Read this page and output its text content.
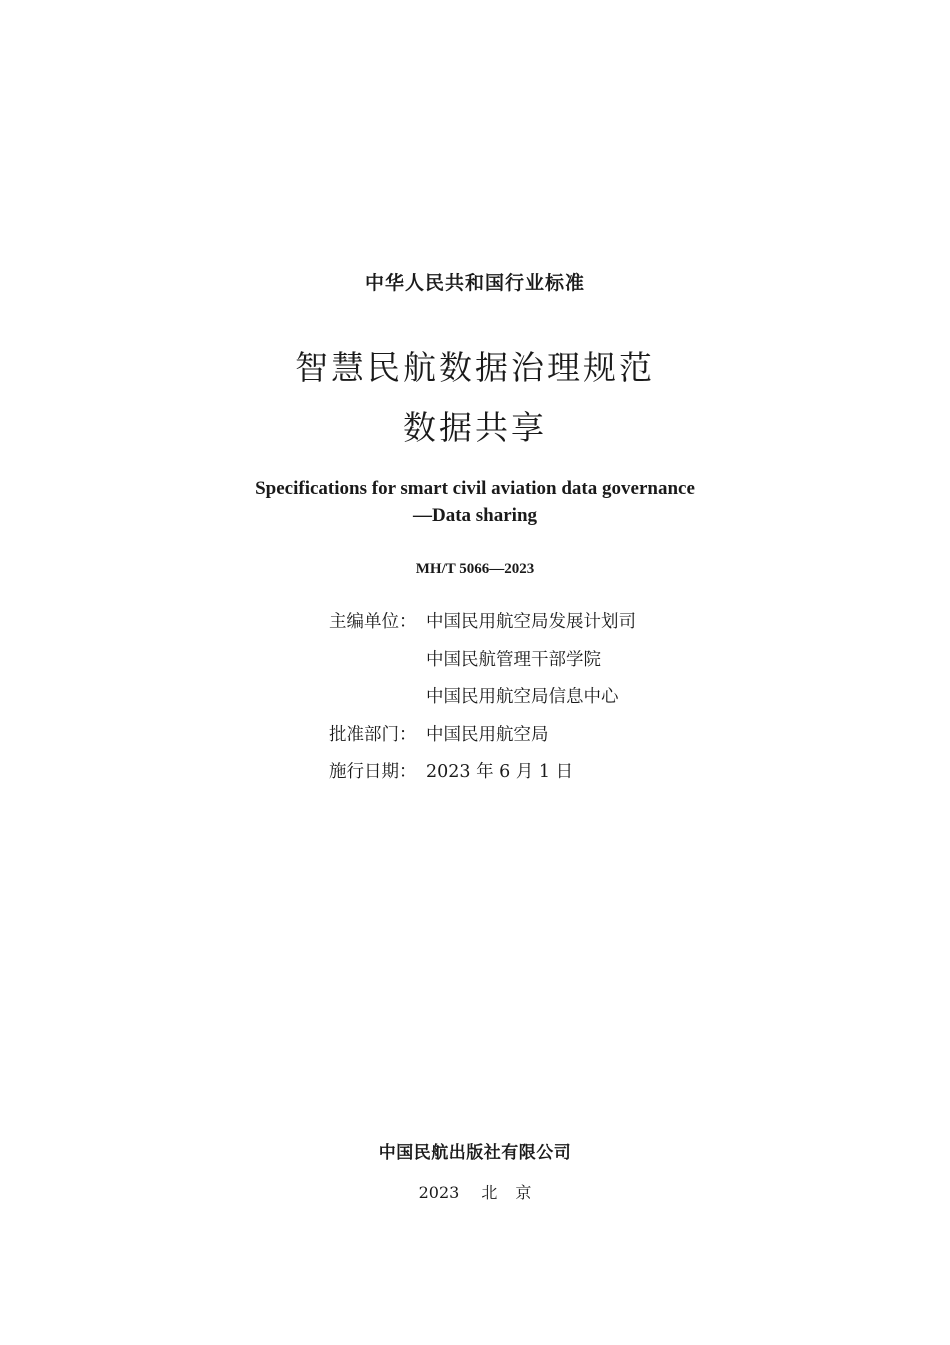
中华人民共和国行业标准
智慧民航数据治理规范
数据共享
Specifications for smart civil aviation data governance
—Data sharing
MH/T 5066—2023
主编单位： 中国民用航空局发展计划司
中国民航管理干部学院
中国民用航空局信息中心
批准部门： 中国民用航空局
施行日期： 2023 年 6 月 1 日
中国民航出版社有限公司
2023 北 京
